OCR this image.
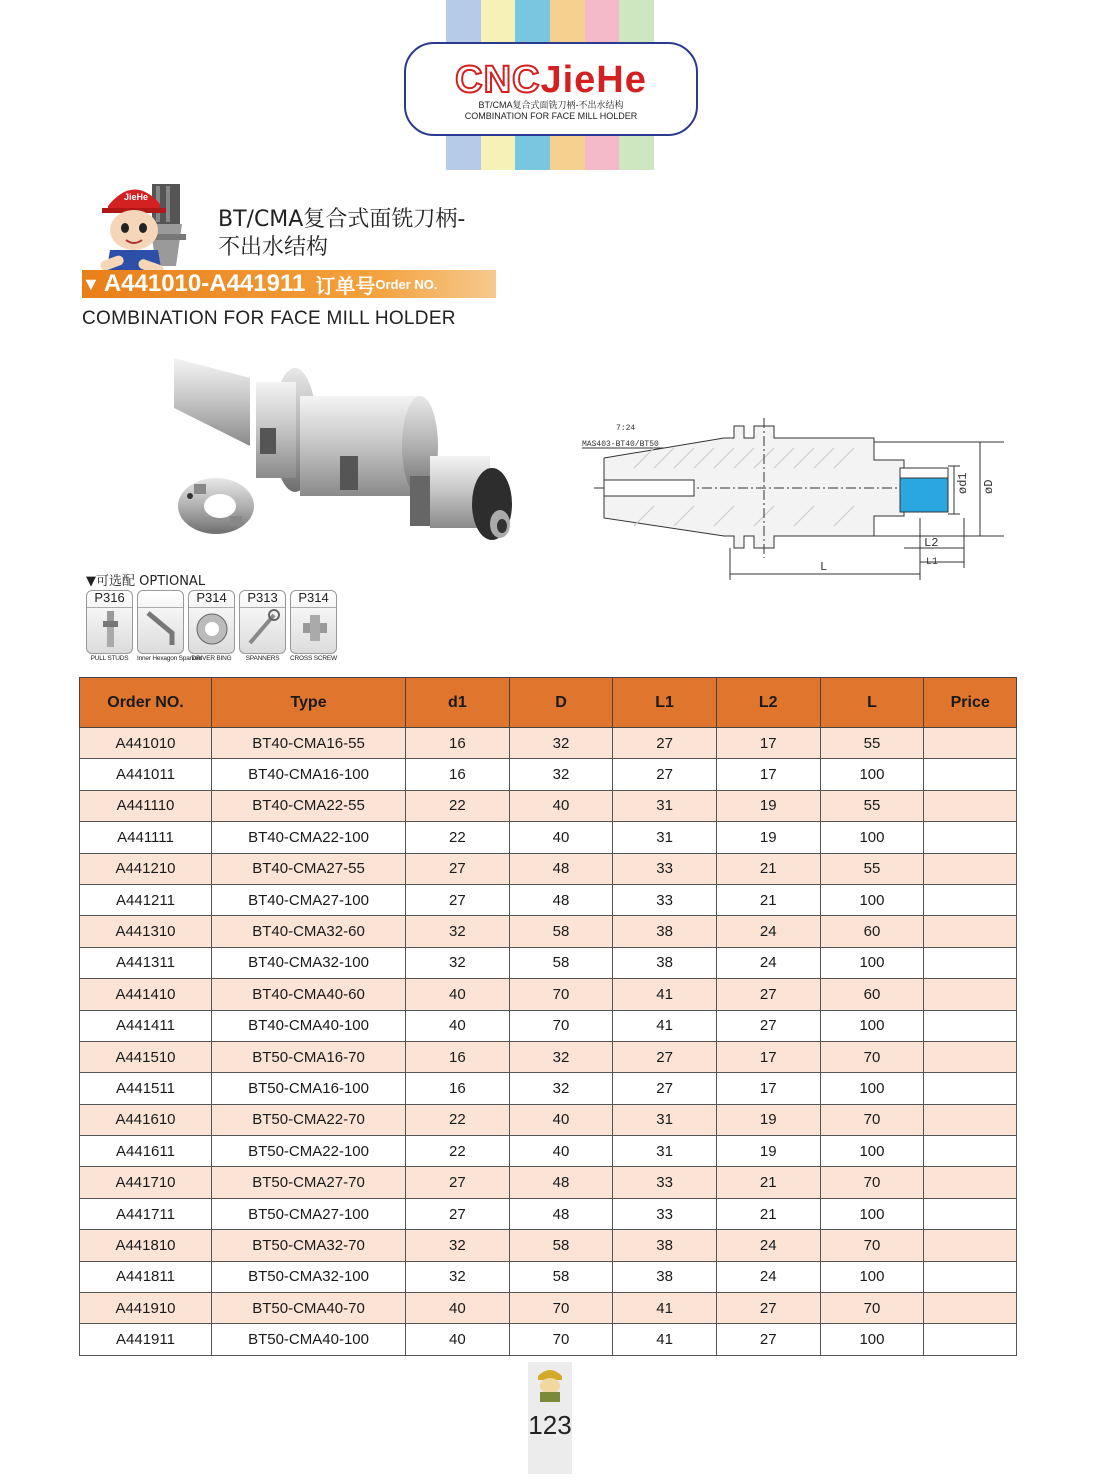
CNCJieHe
BT/CMA复合式面铣刀柄-不出水结构
COMBINATION FOR FACE MILL HOLDER
JieHe
BT/CMA复合式面铣刀柄-
不出水结构
▼ A441010-A441911 订单号 Order NO.
COMBINATION FOR FACE MILL HOLDER
7:24
MAS403-BT40/BT50
ød1 øD
L2
L1
L
▼可选配 OPTIONAL
P316
PULL STUDS	Inner Hexagon Spanner
P314
DRIVER BING
P313
SPANNERS
P314
CROSS SCREW
Order NO.	Type	d1	D	L1	L2	L	Price
A441010	BT40-CMA16-55	16	32	27	17	55	
A441011	BT40-CMA16-100	16	32	27	17	100	
A441110	BT40-CMA22-55	22	40	31	19	55	
A441111	BT40-CMA22-100	22	40	31	19	100	
A441210	BT40-CMA27-55	27	48	33	21	55	
A441211	BT40-CMA27-100	27	48	33	21	100	
A441310	BT40-CMA32-60	32	58	38	24	60	
A441311	BT40-CMA32-100	32	58	38	24	100	
A441410	BT40-CMA40-60	40	70	41	27	60	
A441411	BT40-CMA40-100	40	70	41	27	100	
A441510	BT50-CMA16-70	16	32	27	17	70	
A441511	BT50-CMA16-100	16	32	27	17	100	
A441610	BT50-CMA22-70	22	40	31	19	70	
A441611	BT50-CMA22-100	22	40	31	19	100	
A441710	BT50-CMA27-70	27	48	33	21	70	
A441711	BT50-CMA27-100	27	48	33	21	100	
A441810	BT50-CMA32-70	32	58	38	24	70	
A441811	BT50-CMA32-100	32	58	38	24	100	
A441910	BT50-CMA40-70	40	70	41	27	70	
A441911	BT50-CMA40-100	40	70	41	27	100	
123
